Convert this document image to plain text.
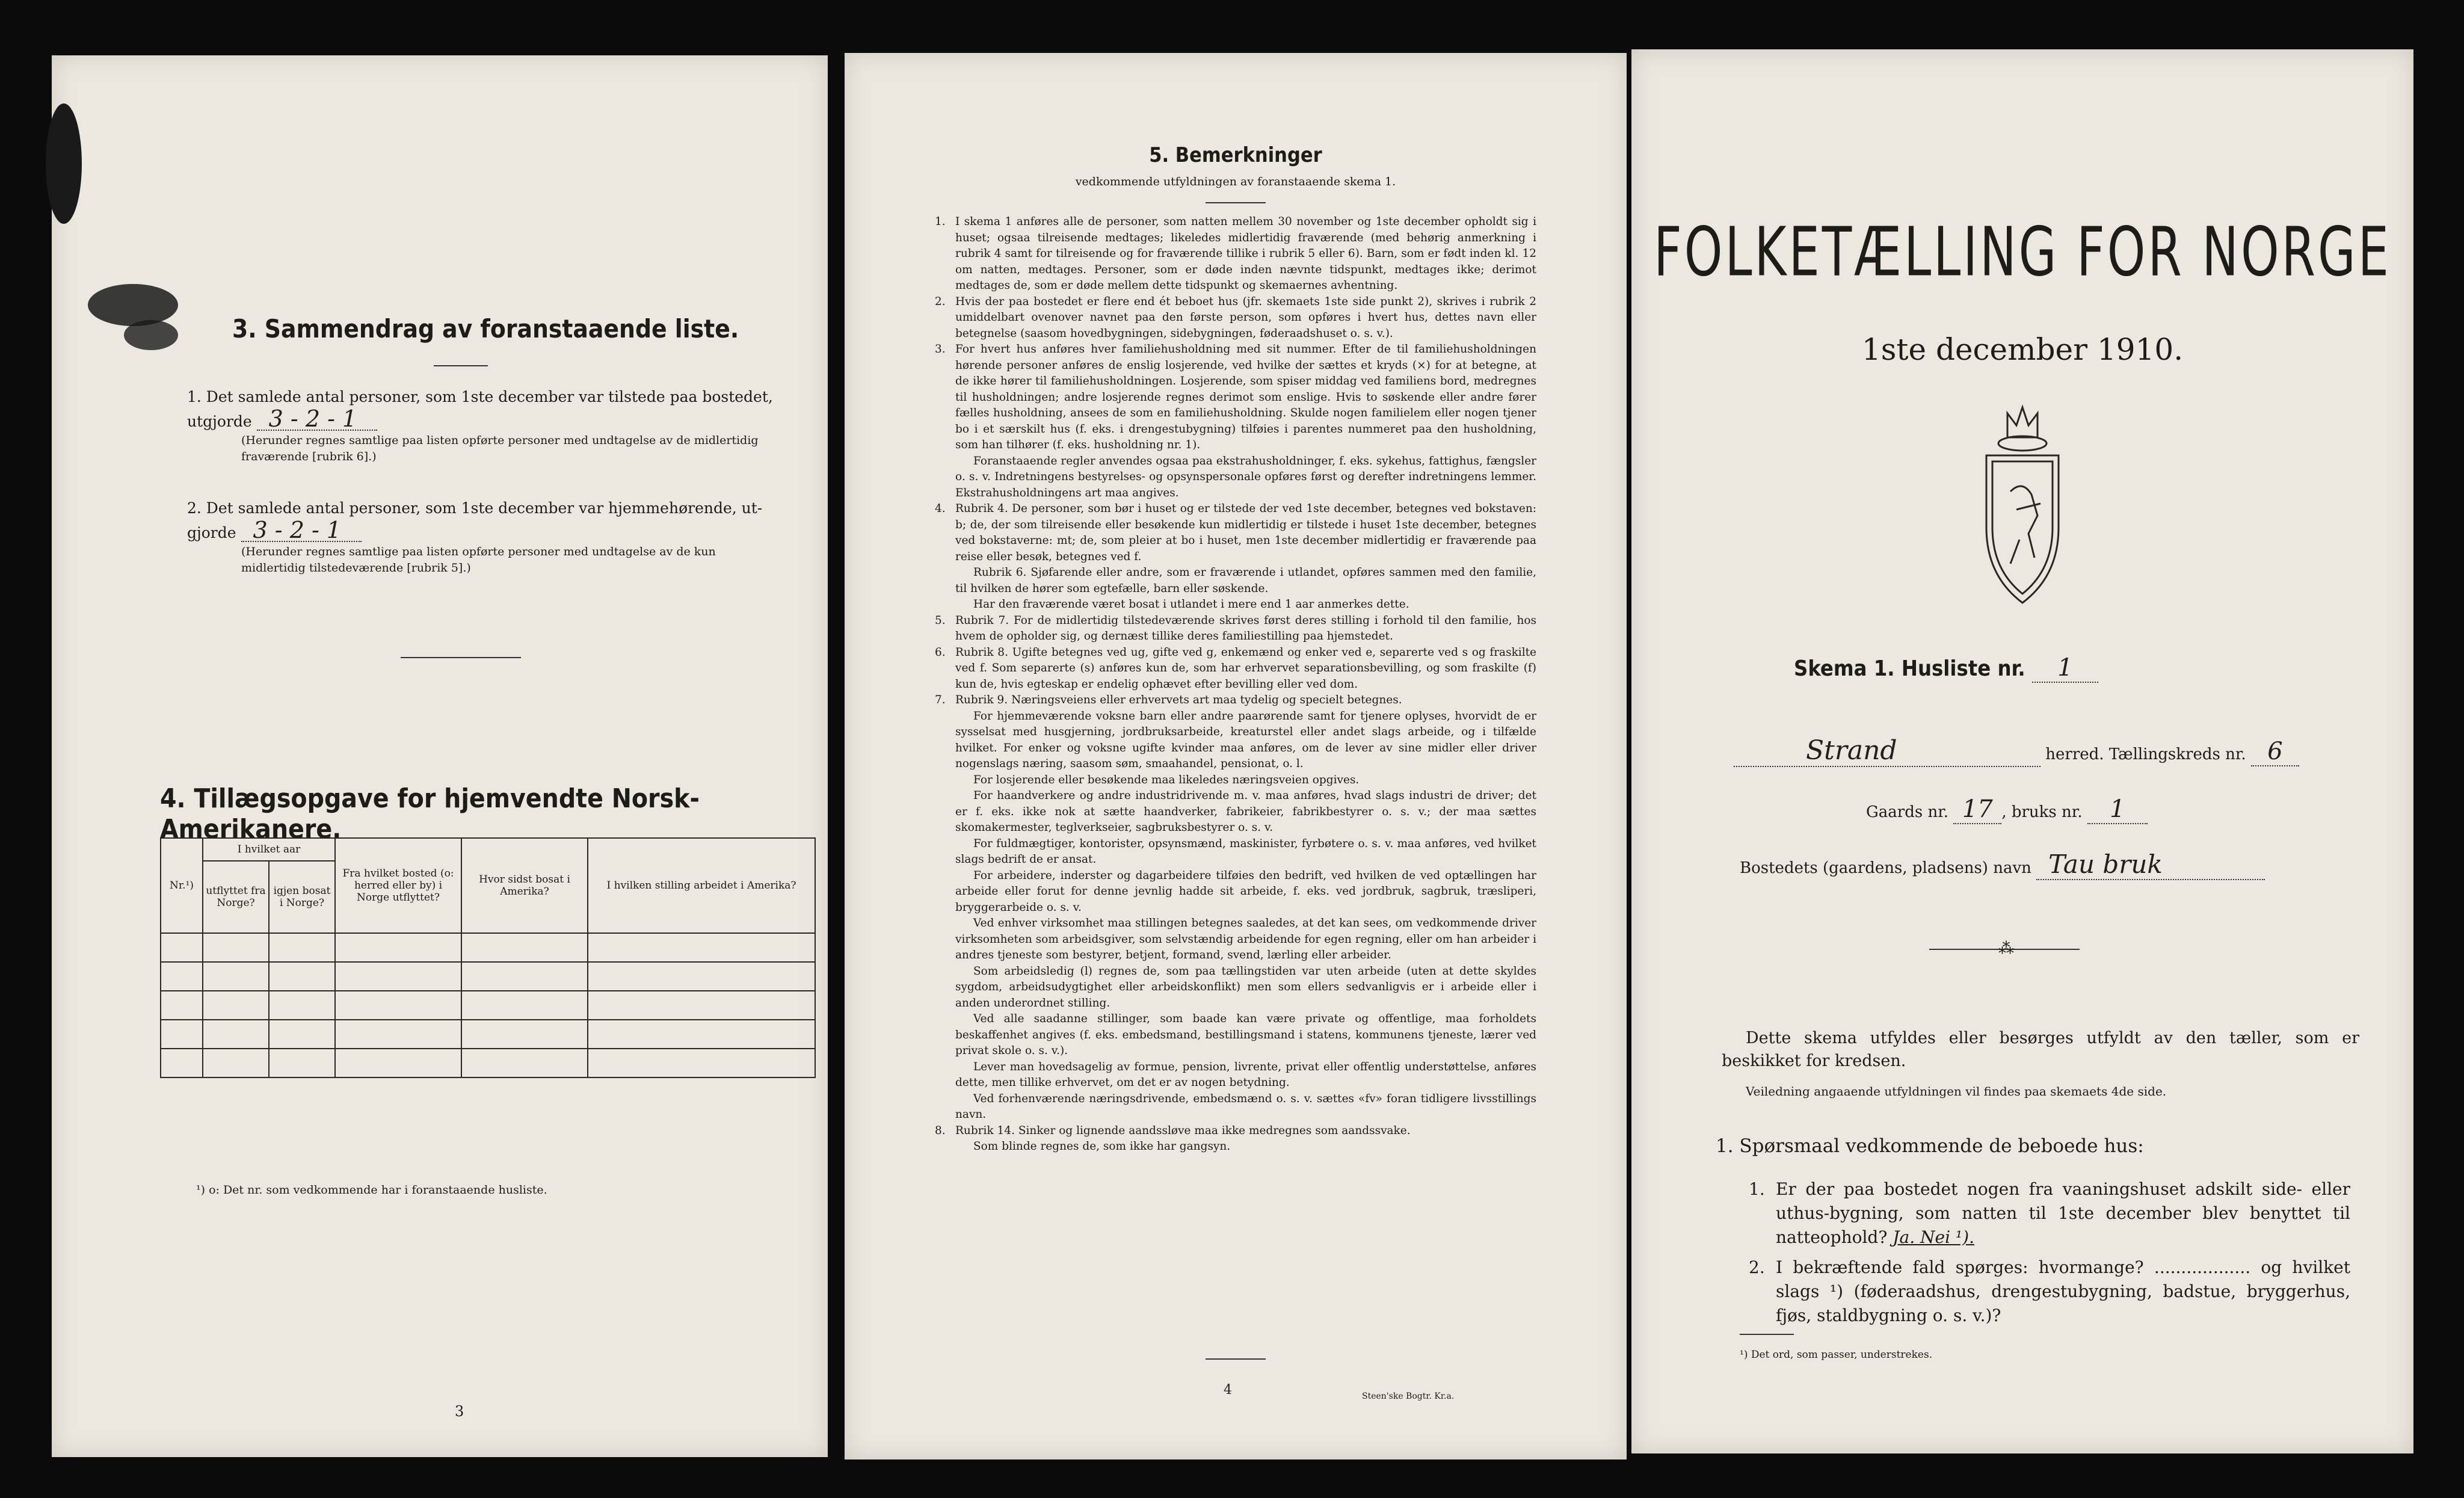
3. Sammendrag av foranstaaende liste.
1. Det samlede antal personer, som 1ste december var tilstede paa bostedet,
utgjorde 3 - 2 - 1
(Herunder regnes samtlige paa listen opførte personer med undtagelse av de midlertidig fraværende [rubrik 6].)
2. Det samlede antal personer, som 1ste december var hjemmehørende, ut-
gjorde 3 - 2 - 1
(Herunder regnes samtlige paa listen opførte personer med undtagelse av de kun midlertidig tilstedeværende [rubrik 5].)
4. Tillægsopgave for hjemvendte Norsk-Amerikanere.
Nr.¹)	I hvilket aar		Fra hvilket bosted (o: herred eller by) i Norge utflyttet?	Hvor sidst bosat i Amerika?	I hvilken stilling arbeidet i Amerika?
	utflyttet fra Norge?	igjen bosat i Norge?			

¹) o: Det nr. som vedkommende har i foranstaaende husliste.
3
5. Bemerkninger
vedkommende utfyldningen av foranstaaende skema 1.
1. I skema 1 anføres alle de personer, som natten mellem 30 november og 1ste december opholdt sig i huset; ogsaa tilreisende medtages; likeledes midlertidig fraværende (med behørig anmerkning i rubrik 4 samt for tilreisende og for fraværende tillike i rubrik 5 eller 6). Barn, som er født inden kl. 12 om natten, medtages. Personer, som er døde inden nævnte tidspunkt, medtages ikke; derimot medtages de, som er døde mellem dette tidspunkt og skemaernes avhentning.
2. Hvis der paa bostedet er flere end ét beboet hus (jfr. skemaets 1ste side punkt 2), skrives i rubrik 2 umiddelbart ovenover navnet paa den første person, som opføres i hvert hus, dettes navn eller betegnelse (saasom hovedbygningen, sidebygningen, føderaadshuset o. s. v.).
3. For hvert hus anføres hver familiehusholdning med sit nummer. Efter de til familiehusholdningen hørende personer anføres de enslig losjerende, ved hvilke der sættes et kryds (×) for at betegne, at de ikke hører til familiehusholdningen. Losjerende, som spiser middag ved familiens bord, medregnes til husholdningen; andre losjerende regnes derimot som enslige. Hvis to søskende eller andre fører fælles husholdning, ansees de som en familiehusholdning. Skulde nogen familielem eller nogen tjener bo i et særskilt hus (f. eks. i drengestubygning) tilføies i parentes nummeret paa den husholdning, som han tilhører (f. eks. husholdning nr. 1).
Foranstaaende regler anvendes ogsaa paa ekstrahusholdninger, f. eks. sykehus, fattighus, fængsler o. s. v. Indretningens bestyrelses- og opsynspersonale opføres først og derefter indretningens lemmer. Ekstrahusholdningens art maa angives.
4. Rubrik 4. De personer, som bør i huset og er tilstede der ved 1ste december, betegnes ved bokstaven: b; de, der som tilreisende eller besøkende kun midlertidig er tilstede i huset 1ste december, betegnes ved bokstaverne: mt; de, som pleier at bo i huset, men 1ste december midlertidig er fraværende paa reise eller besøk, betegnes ved f.
Rubrik 6. Sjøfarende eller andre, som er fraværende i utlandet, opføres sammen med den familie, til hvilken de hører som egtefælle, barn eller søskende.
Har den fraværende været bosat i utlandet i mere end 1 aar anmerkes dette.
5. Rubrik 7. For de midlertidig tilstedeværende skrives først deres stilling i forhold til den familie, hos hvem de opholder sig, og dernæst tillike deres familiestilling paa hjemstedet.
6. Rubrik 8. Ugifte betegnes ved ug, gifte ved g, enkemænd og enker ved e, separerte ved s og fraskilte ved f. Som separerte (s) anføres kun de, som har erhvervet separationsbevilling, og som fraskilte (f) kun de, hvis egteskap er endelig ophævet efter bevilling eller ved dom.
7. Rubrik 9. Næringsveiens eller erhvervets art maa tydelig og specielt betegnes.
For hjemmeværende voksne barn eller andre paarørende samt for tjenere oplyses, hvorvidt de er sysselsat med husgjerning, jordbruksarbeide, kreaturstel eller andet slags arbeide, og i tilfælde hvilket. For enker og voksne ugifte kvinder maa anføres, om de lever av sine midler eller driver nogenslags næring, saasom søm, smaahandel, pensionat, o. l.
For losjerende eller besøkende maa likeledes næringsveien opgives.
For haandverkere og andre industridrivende m. v. maa anføres, hvad slags industri de driver; det er f. eks. ikke nok at sætte haandverker, fabrikeier, fabrikbestyrer o. s. v.; der maa sættes skomakermester, teglverkseier, sagbruksbestyrer o. s. v.
For fuldmægtiger, kontorister, opsynsmænd, maskinister, fyrbøtere o. s. v. maa anføres, ved hvilket slags bedrift de er ansat.
For arbeidere, inderster og dagarbeidere tilføies den bedrift, ved hvilken de ved optællingen har arbeide eller forut for denne jevnlig hadde sit arbeide, f. eks. ved jordbruk, sagbruk, træsliperi, bryggerarbeide o. s. v.
Ved enhver virksomhet maa stillingen betegnes saaledes, at det kan sees, om vedkommende driver virksomheten som arbeidsgiver, som selvstændig arbeidende for egen regning, eller om han arbeider i andres tjeneste som bestyrer, betjent, formand, svend, lærling eller arbeider.
Som arbeidsledig (l) regnes de, som paa tællingstiden var uten arbeide (uten at dette skyldes sygdom, arbeidsudygtighet eller arbeidskonflikt) men som ellers sedvanligvis er i arbeide eller i anden underordnet stilling.
Ved alle saadanne stillinger, som baade kan være private og offentlige, maa forholdets beskaffenhet angives (f. eks. embedsmand, bestillingsmand i statens, kommunens tjeneste, lærer ved privat skole o. s. v.).
Lever man hovedsagelig av formue, pension, livrente, privat eller offentlig understøttelse, anføres dette, men tillike erhvervet, om det er av nogen betydning.
Ved forhenværende næringsdrivende, embedsmænd o. s. v. sættes «fv» foran tidligere livsstillings navn.
8. Rubrik 14. Sinker og lignende aandssløve maa ikke medregnes som aandssvake.
Som blinde regnes de, som ikke har gangsyn.
4	Steen'ske Bogtr. Kr.a.
FOLKETÆLLING FOR NORGE
1ste december 1910.
Skema 1. Husliste nr. 1
Strand	herred. Tællingskreds nr. 6
Gaards nr. 17 , bruks nr. 1
Bostedets (gaardens, pladsens) navn Tau bruk
⁂
Dette skema utfyldes eller besørges utfyldt av den tæller, som er beskikket for kredsen.
Veiledning angaaende utfyldningen vil findes paa skemaets 4de side.
1. Spørsmaal vedkommende de beboede hus:
1. Er der paa bostedet nogen fra vaaningshuset adskilt side- eller uthus-bygning, som natten til 1ste december blev benyttet til natteophold? Ja. Nei ¹).
2. I bekræftende fald spørges: hvormange? .................. og hvilket slags ¹) (føderaadshus, drengestubygning, badstue, bryggerhus, fjøs, staldbygning o. s. v.)?
¹) Det ord, som passer, understrekes.
